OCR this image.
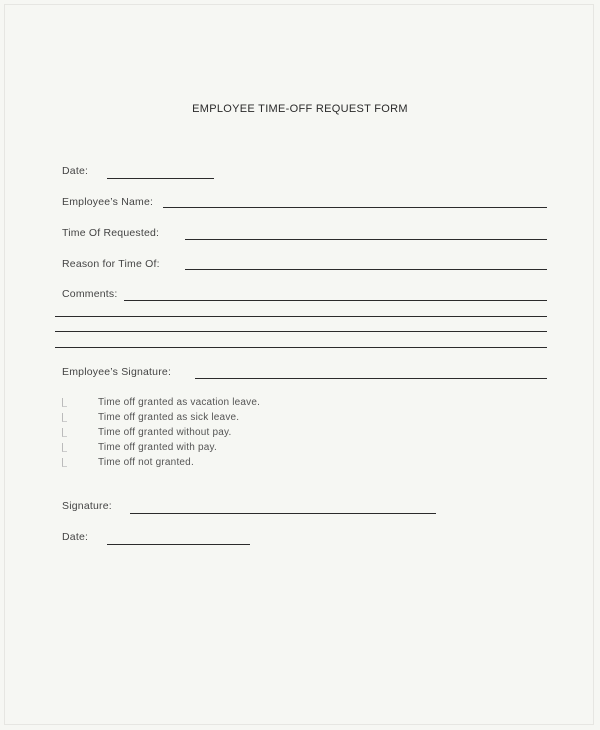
EMPLOYEE TIME-OFF REQUEST FORM
Date:
Employee’s Name:
Time Of Requested:
Reason for Time Of:
Comments:
Employee’s Signature:
Time off granted as vacation leave.
Time off granted as sick leave.
Time off granted without pay.
Time off granted with pay.
Time off not granted.
Signature:
Date:
